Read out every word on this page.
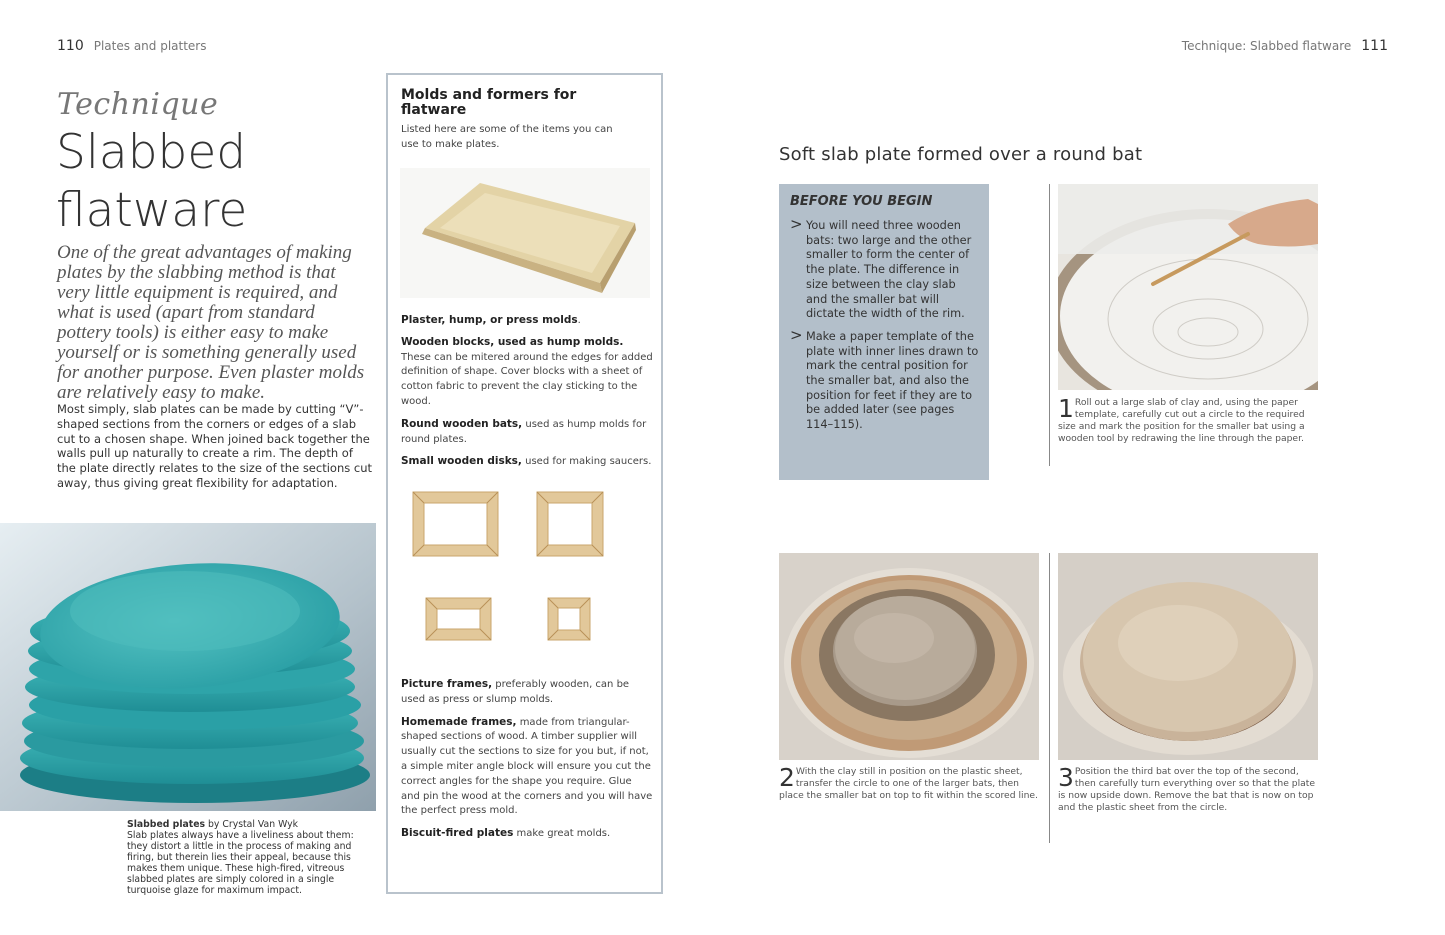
110 Plates and platters
Technique
Slabbed
flatware
One of the great advantages of making plates by the slabbing method is that very little equipment is required, and what is used (apart from standard pottery tools) is either easy to make yourself or is something generally used for another purpose. Even plaster molds are relatively easy to make.
Most simply, slab plates can be made by cutting “V”-shaped sections from the corners or edges of a slab cut to a chosen shape. When joined back together the walls pull up naturally to create a rim. The depth of the plate directly relates to the size of the sections cut away, thus giving great flexibility for adaptation.
Slabbed plates by Crystal Van Wyk
Slab plates always have a liveliness about them: they distort a little in the process of making and firing, but therein lies their appeal, because this makes them unique. These high-fired, vitreous slabbed plates are simply colored in a single turquoise glaze for maximum impact.
Molds and formers for flatware
Listed here are some of the items you can use to make plates.
Plaster, hump, or press molds.
Wooden blocks, used as hump molds. These can be mitered around the edges for added definition of shape. Cover blocks with a sheet of cotton fabric to prevent the clay sticking to the wood.
Round wooden bats, used as hump molds for round plates.
Small wooden disks, used for making saucers.
Picture frames, preferably wooden, can be used as press or slump molds.
Homemade frames, made from triangular-shaped sections of wood. A timber supplier will usually cut the sections to size for you but, if not, a simple miter angle block will ensure you cut the correct angles for the shape you require. Glue and pin the wood at the corners and you will have the perfect press mold.
Biscuit-fired plates make great molds.
Technique: Slabbed flatware 111
Soft slab plate formed over a round bat
BEFORE YOU BEGIN
> You will need three wooden bats: two large and the other smaller to form the center of the plate. The difference in size between the clay slab and the smaller bat will dictate the width of the rim.
> Make a paper template of the plate with inner lines drawn to mark the central position for the smaller bat, and also the position for feet if they are to be added later (see pages 114–115).
1 Roll out a large slab of clay and, using the paper template, carefully cut out a circle to the required size and mark the position for the smaller bat using a wooden tool by redrawing the line through the paper.
2 With the clay still in position on the plastic sheet, transfer the circle to one of the larger bats, then place the smaller bat on top to fit within the scored line.
3 Position the third bat over the top of the second, then carefully turn everything over so that the plate is now upside down. Remove the bat that is now on top and the plastic sheet from the circle.
